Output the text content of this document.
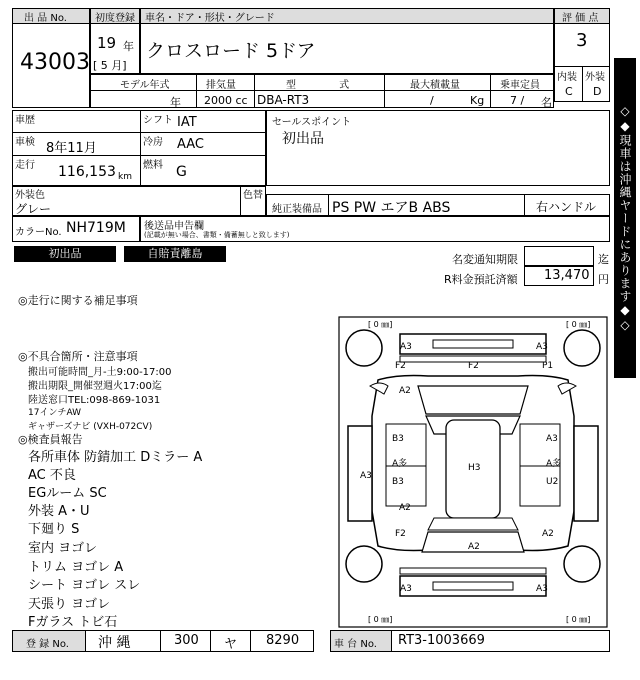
出 品 No.
43003
初度登録
19 年
[ 5 月]
車名・ドア・形状・グレード
クロスロード 5ドア
評 価 点
3
内装 外装
C D
モデル年式
年
排気量
2000 cc
型 式
DBA-RT3
最大積載量
/	Kg
乗車定員
7 / 名
車歴	シフト IAT
車検 8年11月	冷房 AAC
走行 116,153 km
燃料 G
セールスポイント
初出品
外装色
グレー
色替
純正装備品 PS PW エアB ABS	右ハンドル
カラーNo. NH719M 後送品申告欄
(記載が無い場合、書類・備蓄無しと致します)
初出品	自賠責離島	名変通知期限	迄
R料金預託済額 13,470 円
◎走行に関する補足事項
◎不具合箇所・注意事項
搬出可能時間_月-土9:00-17:00
搬出期限_開催翌週火17:00迄
陸送窓口TEL:098-869-1031
17インチAW
ギャザーズナビ (VXH-072CV)
◎検査員報告
各所車体 防錆加工 Dミラー A
AC 不良
EGルーム SC
外装 A・U
下廻り S
室内 ヨゴレ
トリム ヨゴレ A
シート ヨゴレ スレ
天張り ヨゴレ
Fガラス トビ石
[ 0 ㎜]	[ 0 ㎜]
[ 0 ㎜]	[ 0 ㎜]
A3	A3
F2	F2	P1
A2
B3	A3
A3
A多
B3
H3	A多
U2
A2
F2
A2
A2
A3	A3
登 録 No. 沖 縄	300 ヤ 8290	車 台 No. RT3-1003669
◇◆現車は沖縄ヤードにあります◆◇
